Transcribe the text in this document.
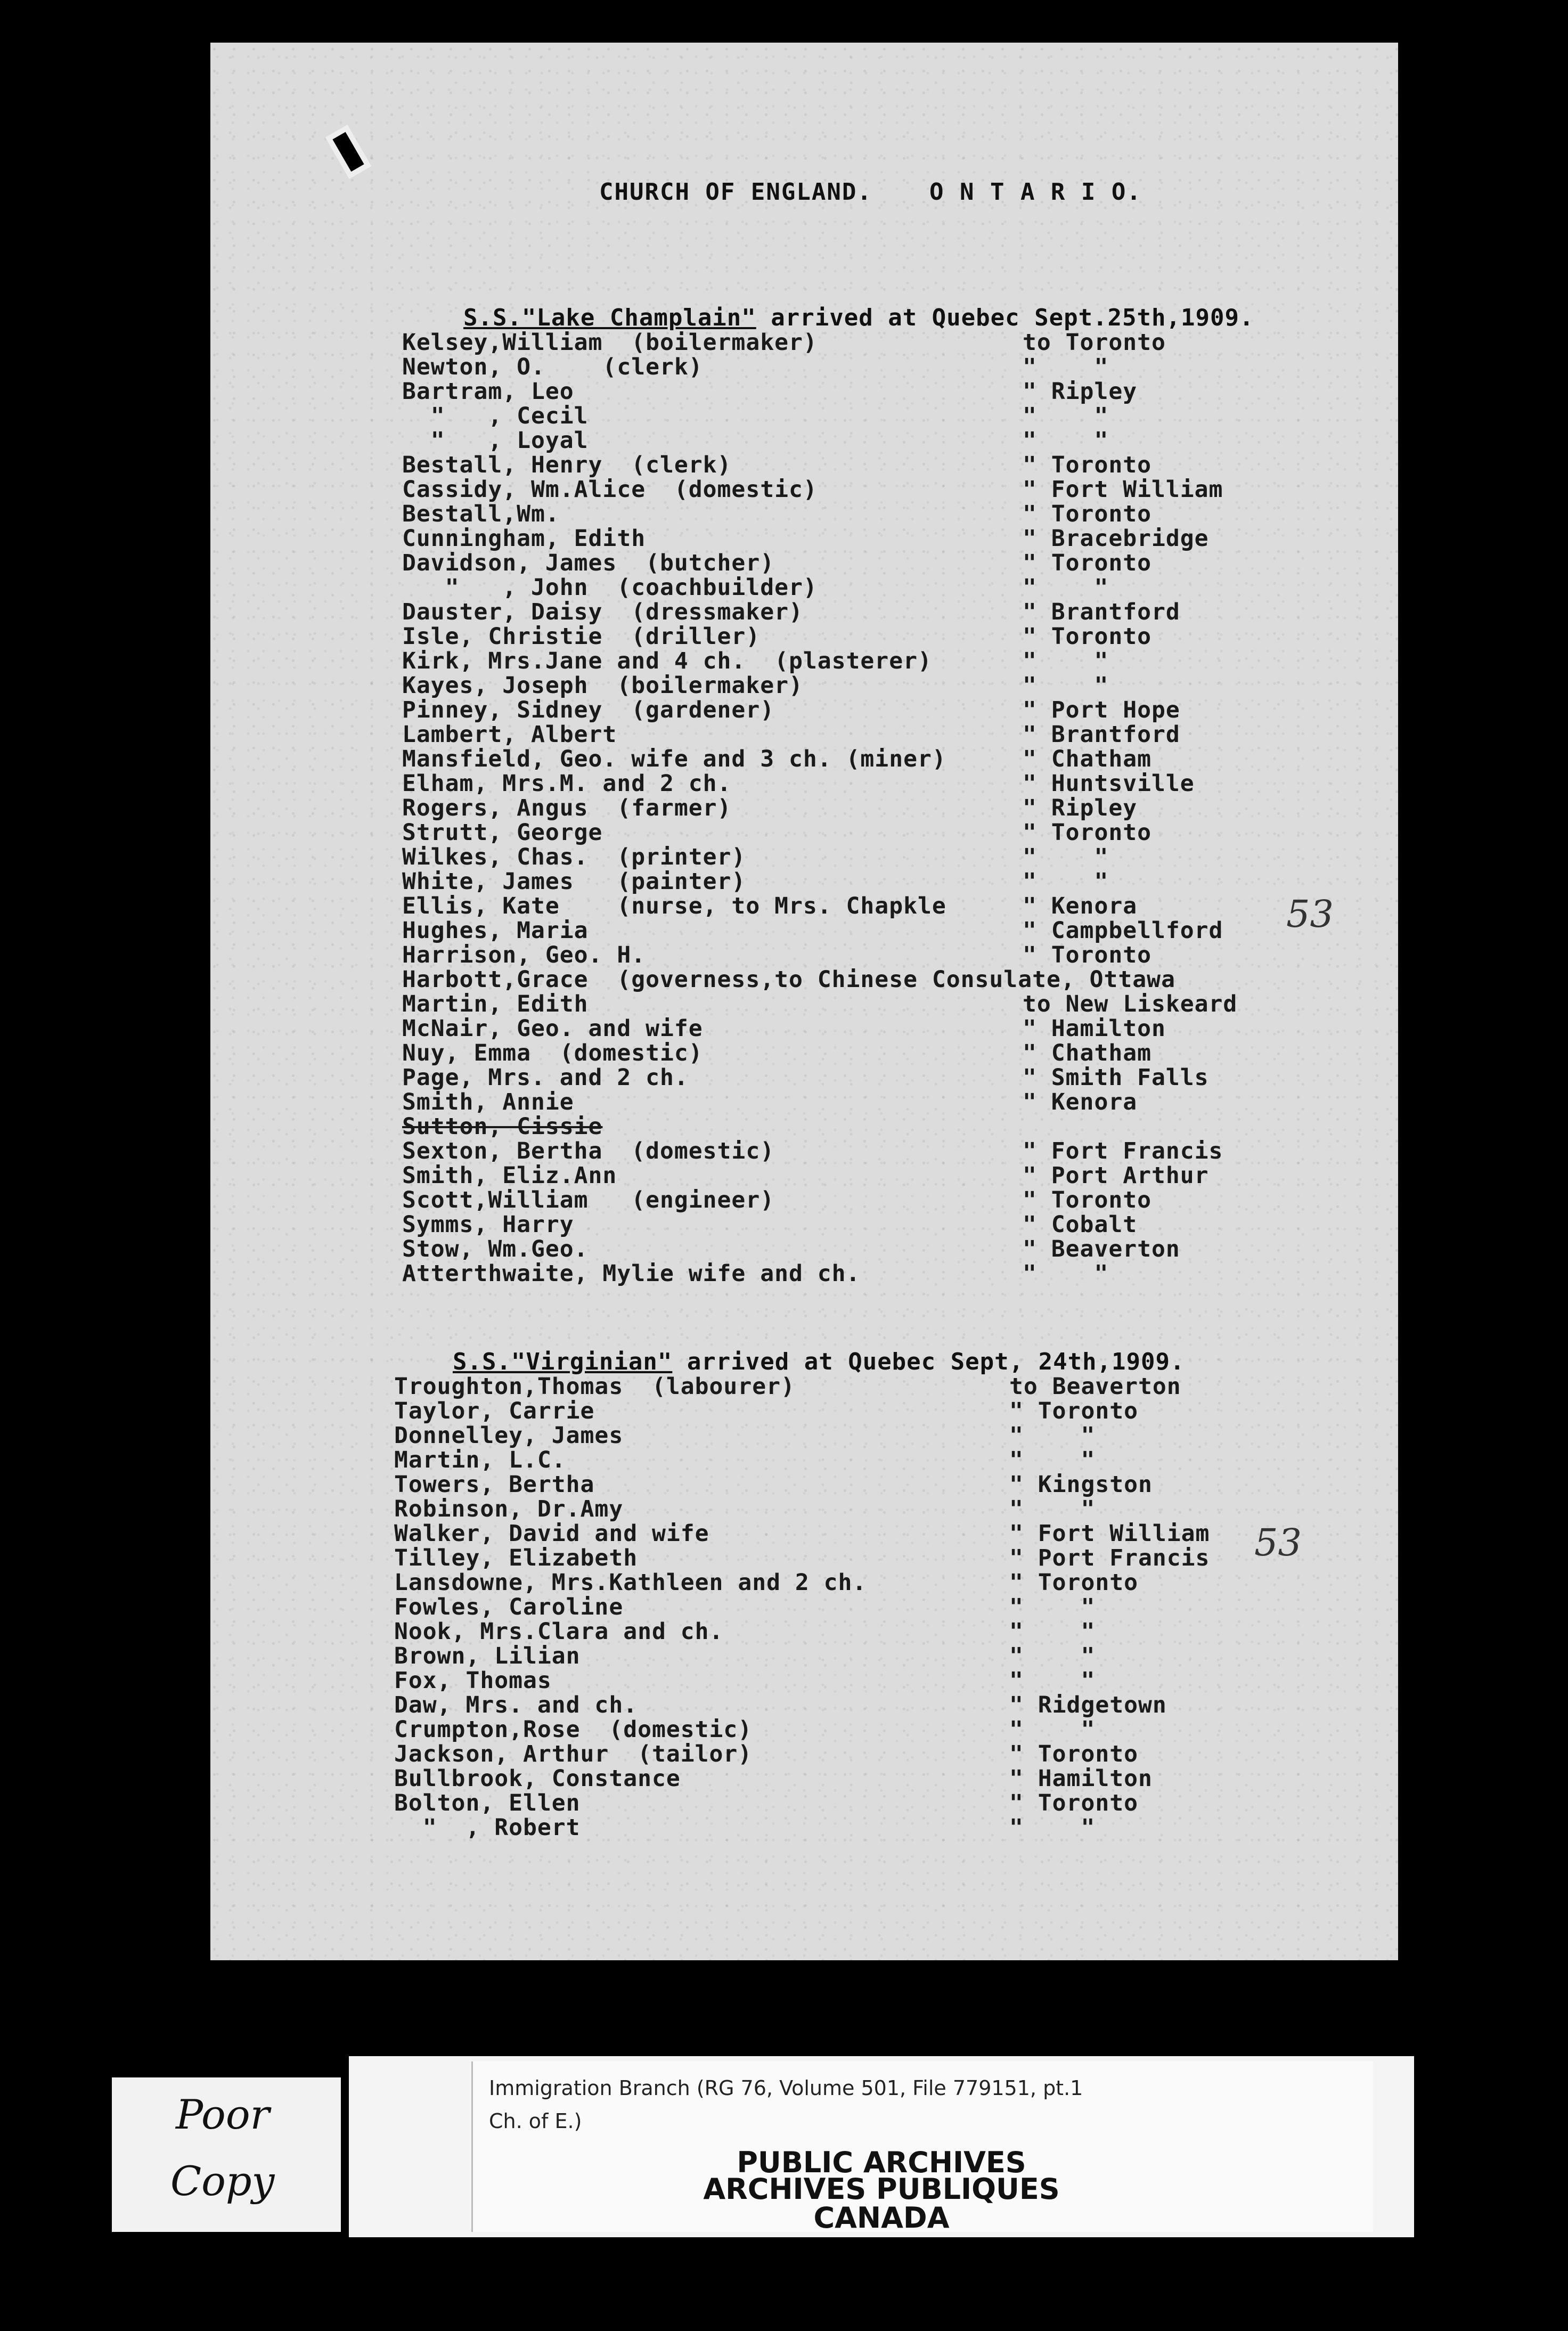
CHURCH OF ENGLAND. O N T A R I O.

S.S."Lake Champlain" arrived at Quebec Sept.25th,1909.

Kelsey,William  (boilermaker)	to Toronto
Newton, O.    (clerk)	"    "
Bartram, Leo	" Ripley
"   , Cecil	"    "
"   , Loyal	"    "
Bestall, Henry  (clerk)	" Toronto
Cassidy, Wm.Alice  (domestic)	" Fort William
Bestall,Wm.	" Toronto
Cunningham, Edith	" Bracebridge
Davidson, James  (butcher)	" Toronto
"   , John  (coachbuilder)	"    "
Dauster, Daisy  (dressmaker)	" Brantford
Isle, Christie  (driller)	" Toronto
Kirk, Mrs.Jane and 4 ch.  (plasterer)	"    "
Kayes, Joseph  (boilermaker)	"    "
Pinney, Sidney  (gardener)	" Port Hope
Lambert, Albert	" Brantford
Mansfield, Geo. wife and 3 ch. (miner)	" Chatham
Elham, Mrs.M. and 2 ch.	" Huntsville
Rogers, Angus  (farmer)	" Ripley
Strutt, George	" Toronto
Wilkes, Chas.  (printer)	"    "
White, James   (painter)	"    "
Ellis, Kate    (nurse, to Mrs. Chapkle	" Kenora
Hughes, Maria	" Campbellford
Harrison, Geo. H.	" Toronto
Harbott,Grace  (governess,to Chinese Consulate, Ottawa
Martin, Edith	to New Liskeard
McNair, Geo. and wife	" Hamilton
Nuy, Emma  (domestic)	" Chatham
Page, Mrs. and 2 ch.	" Smith Falls
Smith, Annie	" Kenora
Sutton, Cissie
Sexton, Bertha  (domestic)	" Fort Francis
Smith, Eliz.Ann	" Port Arthur
Scott,William   (engineer)	" Toronto
Symms, Harry	" Cobalt
Stow, Wm.Geo.	" Beaverton
Atterthwaite, Mylie wife and ch.	"    "

S.S."Virginian" arrived at Quebec Sept, 24th,1909.

Troughton,Thomas  (labourer)	to Beaverton
Taylor, Carrie	" Toronto
Donnelley, James	"    "
Martin, L.C.	"    "
Towers, Bertha	" Kingston
Robinson, Dr.Amy	"    "
Walker, David and wife	" Fort William
Tilley, Elizabeth	" Port Francis
Lansdowne, Mrs.Kathleen and 2 ch.	" Toronto
Fowles, Caroline	"    "
Nook, Mrs.Clara and ch.	"    "
Brown, Lilian	"    "
Fox, Thomas	"    "
Daw, Mrs. and ch.	" Ridgetown
Crumpton,Rose  (domestic)	"    "
Jackson, Arthur  (tailor)	" Toronto
Bullbrook, Constance	" Hamilton
Bolton, Ellen	" Toronto
"  , Robert	"    "
53
53
Poor
Copy
Immigration Branch (RG 76, Volume 501, File 779151, pt.1
Ch. of E.)
PUBLIC ARCHIVES
ARCHIVES PUBLIQUES
CANADA
